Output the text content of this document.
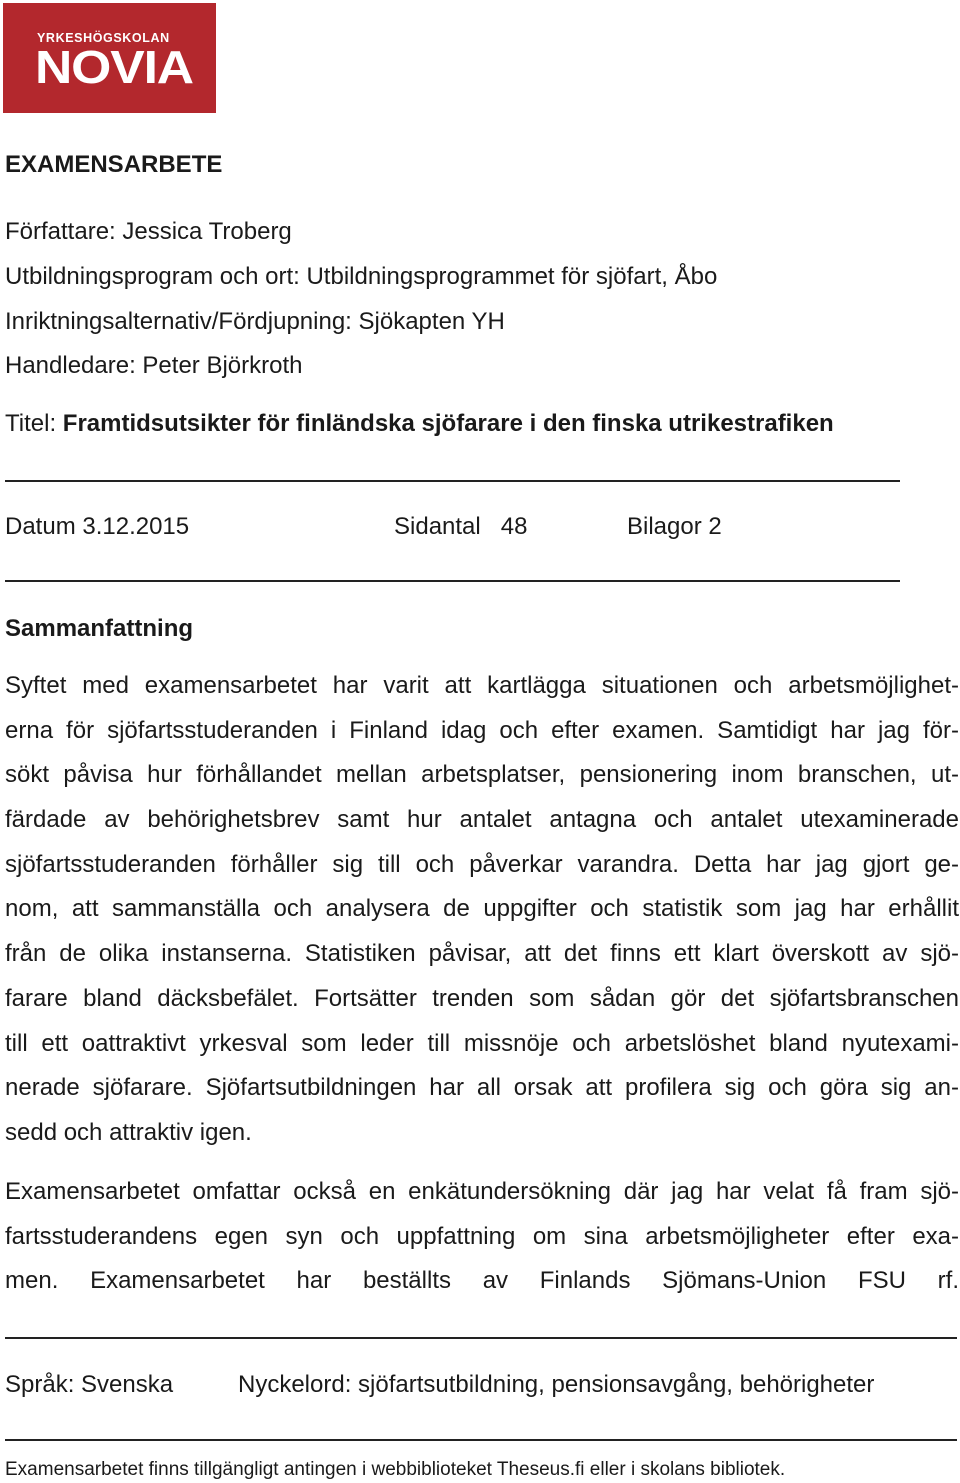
YRKESHÖGSKOLAN
NOVIA
EXAMENSARBETE
Författare: Jessica Troberg
Utbildningsprogram och ort: Utbildningsprogrammet för sjöfart, Åbo
Inriktningsalternativ/Fördjupning: Sjökapten YH
Handledare: Peter Björkroth
Titel: Framtidsutsikter för finländska sjöfarare i den finska utrikestrafiken
Datum 3.12.2015	Sidantal   48	Bilagor 2
Sammanfattning
Syftet med examensarbetet har varit att kartlägga situationen och arbetsmöjlighet-
erna för sjöfartsstuderanden i Finland idag och efter examen. Samtidigt har jag för-
sökt påvisa hur förhållandet mellan arbetsplatser, pensionering inom branschen, ut-
färdade av behörighetsbrev samt hur antalet antagna och antalet utexaminerade
sjöfartsstuderanden förhåller sig till och påverkar varandra. Detta har jag gjort ge-
nom, att sammanställa och analysera de uppgifter och statistik som jag har erhållit
från de olika instanserna. Statistiken påvisar, att det finns ett klart överskott av sjö-
farare bland däcksbefälet. Fortsätter trenden som sådan gör det sjöfartsbranschen
till ett oattraktivt yrkesval som leder till missnöje och arbetslöshet bland nyutexami-
nerade sjöfarare. Sjöfartsutbildningen har all orsak att profilera sig och göra sig an-
sedd och attraktiv igen.
Examensarbetet omfattar också en enkätundersökning där jag har velat få fram sjö-
fartsstuderandens egen syn och uppfattning om sina arbetsmöjligheter efter exa-
men. Examensarbetet har beställts av Finlands Sjömans-Union FSU rf.
Språk: Svenska	Nyckelord: sjöfartsutbildning, pensionsavgång, behörigheter
Examensarbetet finns tillgängligt antingen i webbiblioteket Theseus.fi eller i skolans bibliotek.
